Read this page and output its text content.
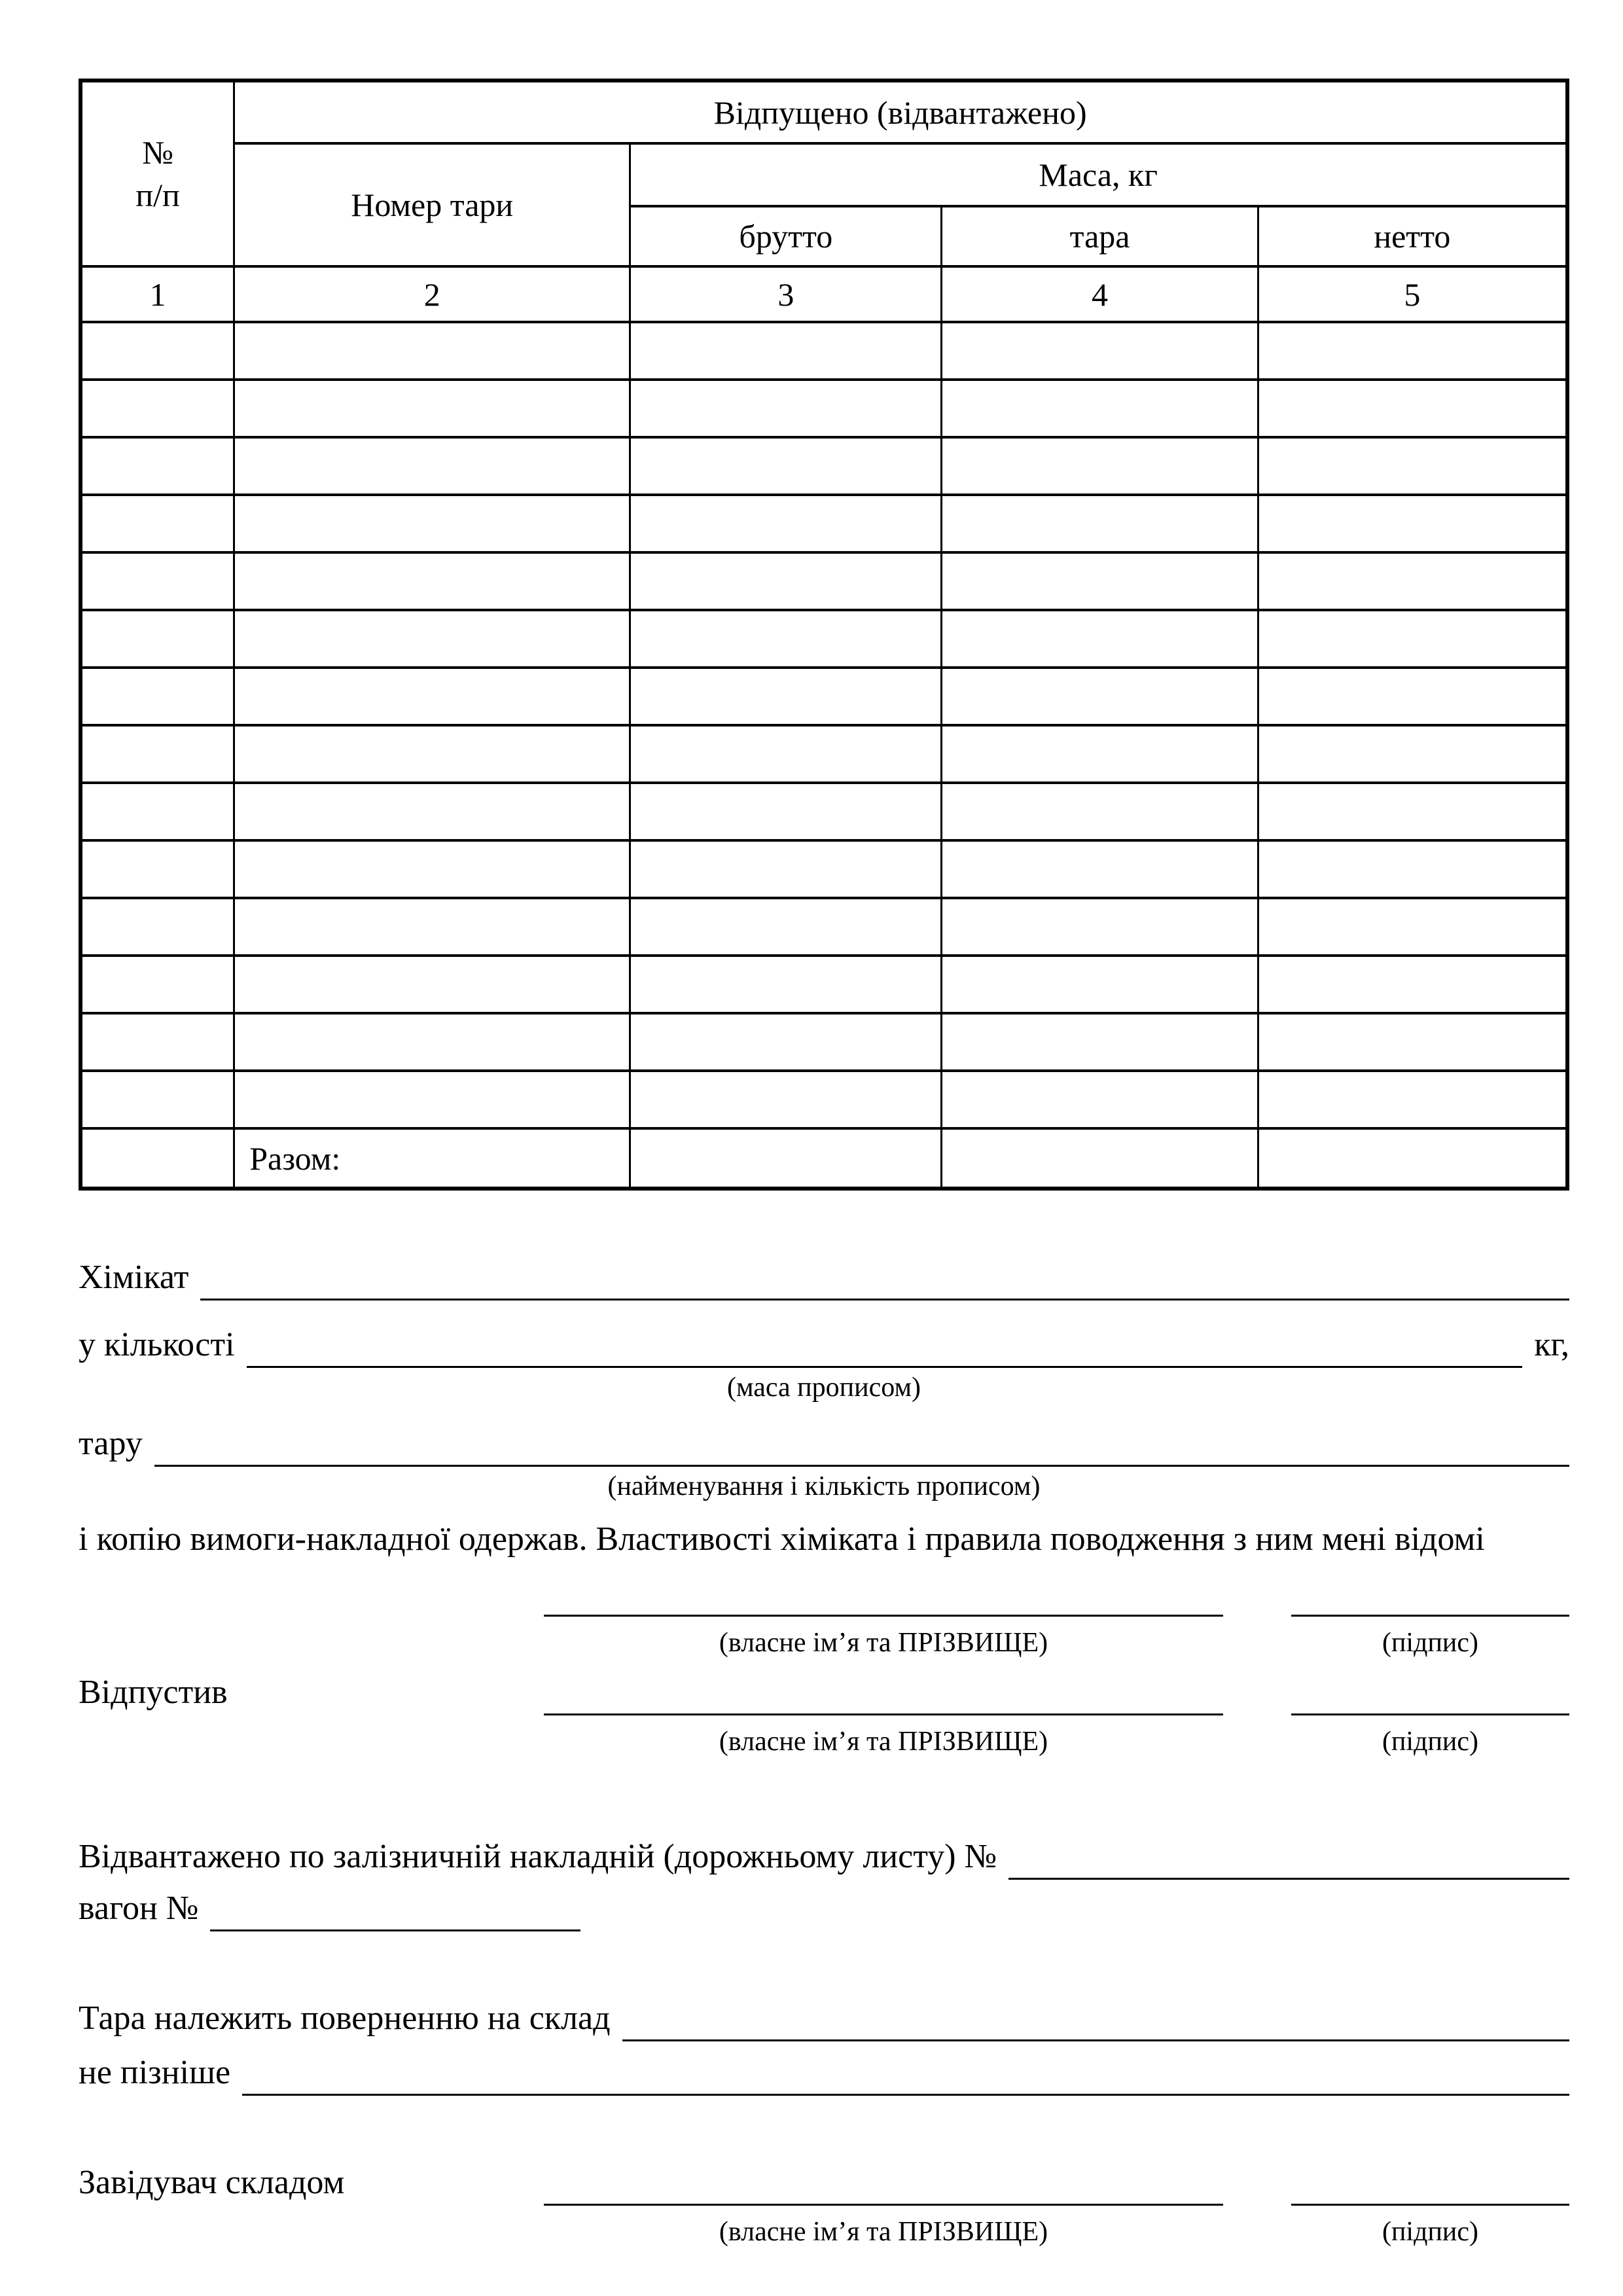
№
п/п	Відпущено (відвантажено)			
	Номер тари	Маса, кг		
		брутто	тара	нетто
1	2	3	4	5

	Разом:			
Хімікат
у кількості	кг,
(маса прописом)
тару
(найменування і кількість прописом)
і копію вимоги-накладної одержав. Властивості хіміката і правила поводження з ним мені відомі
(власне ім’я та ПРІЗВИЩЕ)	(підпис)
Відпустив
(власне ім’я та ПРІЗВИЩЕ)	(підпис)
Відвантажено по залізничній накладній (дорожньому листу) №
вагон №
Тара належить поверненню на склад
не пізніше
Завідувач складом
(власне ім’я та ПРІЗВИЩЕ)	(підпис)
